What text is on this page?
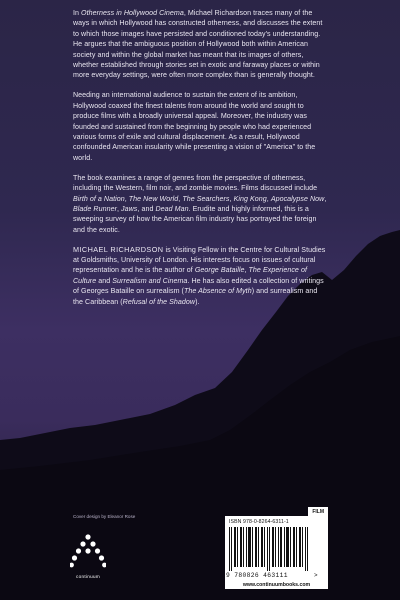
In Otherness in Hollywood Cinema, Michael Richardson traces many of the ways in which Hollywood has constructed otherness, and discusses the extent to which those images have persisted and conditioned today's understanding. He argues that the ambiguous position of Hollywood both within American society and within the global market has meant that its images of others, whether established through stories set in exotic and faraway places or within more everyday settings, were often more complex than is generally thought.

Needing an international audience to sustain the extent of its ambition, Hollywood coaxed the finest talents from around the world and sought to produce films with a broadly universal appeal. Moreover, the industry was founded and sustained from the beginning by people who had experienced various forms of exile and cultural displacement. As a result, Hollywood confounded American insularity while presenting a vision of "America" to the world.

The book examines a range of genres from the perspective of otherness, including the Western, film noir, and zombie movies. Films discussed include Birth of a Nation, The New World, The Searchers, King Kong, Apocalypse Now, Blade Runner, Jaws, and Dead Man. Erudite and highly informed, this is a sweeping survey of how the American film industry has portrayed the foreign and the exotic.

MICHAEL RICHARDSON is Visiting Fellow in the Centre for Cultural Studies at Goldsmiths, University of London. His interests focus on issues of cultural representation and he is the author of George Bataille, The Experience of Culture and Surrealism and Cinema. He has also edited a collection of writings of Georges Bataille on surrealism (The Absence of Myth) and surrealism and the Caribbean (Refusal of the Shadow).

Cover design by Eleanor Rose
continuum
FILM
ISBN 978-0-8264-6311-1
9 780826 463111	>
www.continuumbooks.com
